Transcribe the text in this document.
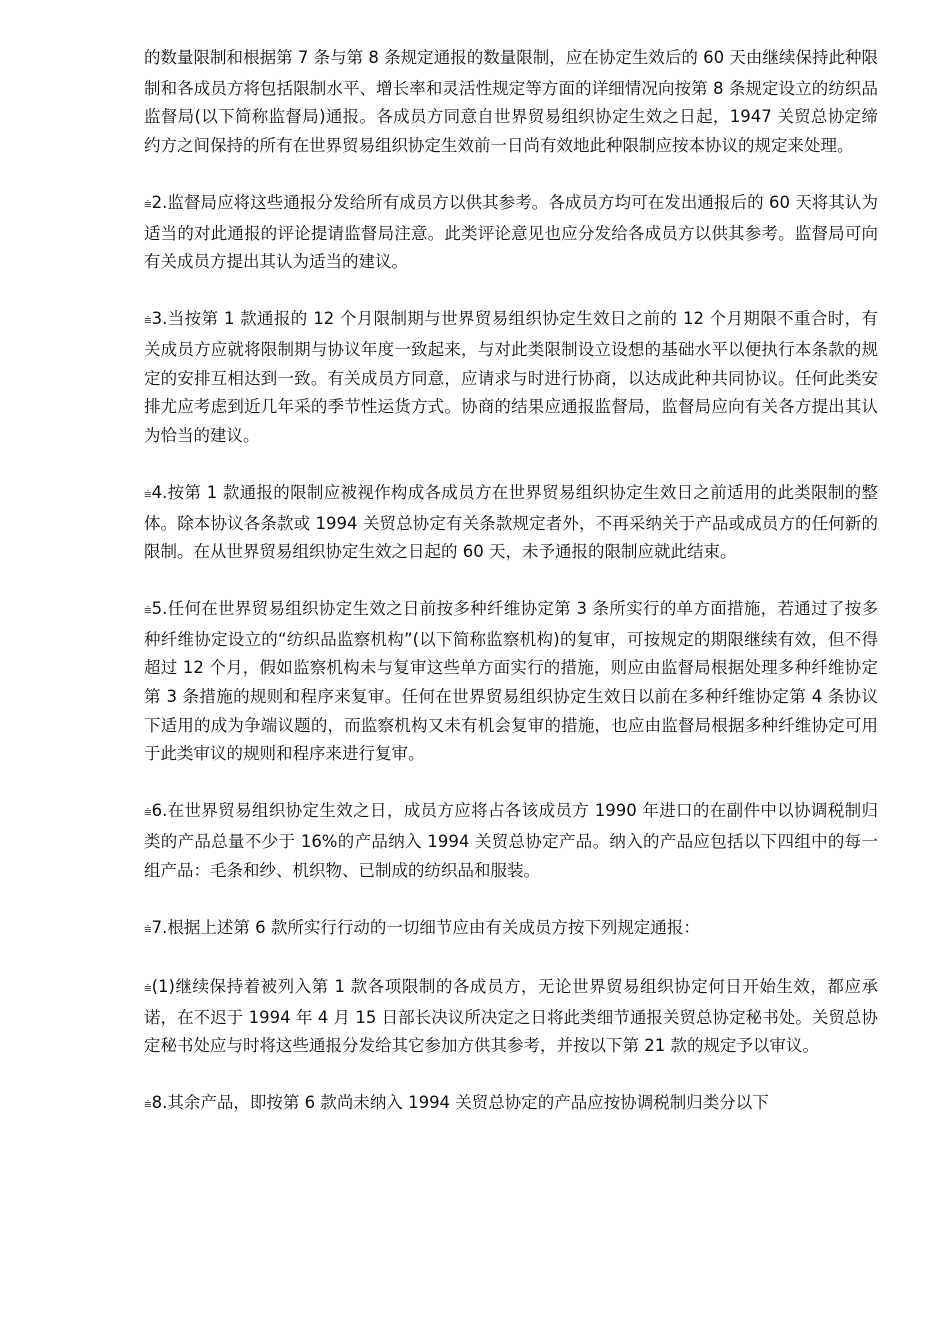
的数量限制和根据第 7 条与第 8 条规定通报的数量限制，应在协定生效后的 60 天由继续保持此种限制和各成员方将包括限制水平、增长率和灵活性规定等方面的详细情况向按第 8 条规定设立的纺织品监督局(以下简称监督局)通报。各成员方同意自世界贸易组织协定生效之日起，1947 关贸总协定缔约方之间保持的所有在世界贸易组织协定生效前一日尚有效地此种限制应按本协议的规定来处理。

⩧2.监督局应将这些通报分发给所有成员方以供其参考。各成员方均可在发出通报后的 60 天将其认为适当的对此通报的评论提请监督局注意。此类评论意见也应分发给各成员方以供其参考。监督局可向有关成员方提出其认为适当的建议。

⩧3.当按第 1 款通报的 12 个月限制期与世界贸易组织协定生效日之前的 12 个月期限不重合时，有关成员方应就将限制期与协议年度一致起来，与对此类限制设立设想的基础水平以便执行本条款的规定的安排互相达到一致。有关成员方同意，应请求与时进行协商，以达成此种共同协议。任何此类安排尤应考虑到近几年采的季节性运货方式。协商的结果应通报监督局，监督局应向有关各方提出其认为恰当的建议。

⩧4.按第 1 款通报的限制应被视作构成各成员方在世界贸易组织协定生效日之前适用的此类限制的整体。除本协议各条款或 1994 关贸总协定有关条款规定者外，不再采纳关于产品或成员方的任何新的限制。在从世界贸易组织协定生效之日起的 60 天，未予通报的限制应就此结束。

⩧5.任何在世界贸易组织协定生效之日前按多种纤维协定第 3 条所实行的单方面措施，若通过了按多种纤维协定设立的“纺织品监察机构”(以下简称监察机构)的复审，可按规定的期限继续有效，但不得超过 12 个月，假如监察机构未与复审这些单方面实行的措施，则应由监督局根据处理多种纤维协定第 3 条措施的规则和程序来复审。任何在世界贸易组织协定生效日以前在多种纤维协定第 4 条协议下适用的成为争端议题的，而监察机构又未有机会复审的措施，也应由监督局根据多种纤维协定可用于此类审议的规则和程序来进行复审。

⩧6.在世界贸易组织协定生效之日，成员方应将占各该成员方 1990 年进口的在副件中以协调税制归类的产品总量不少于 16%的产品纳入 1994 关贸总协定产品。纳入的产品应包括以下四组中的每一组产品：毛条和纱、机织物、已制成的纺织品和服装。

⩧7.根据上述第 6 款所实行行动的一切细节应由有关成员方按下列规定通报：

⩧(1)继续保持着被列入第 1 款各项限制的各成员方，无论世界贸易组织协定何日开始生效，都应承诺，在不迟于 1994 年 4 月 15 日部长决议所决定之日将此类细节通报关贸总协定秘书处。关贸总协定秘书处应与时将这些通报分发给其它参加方供其参考，并按以下第 21 款的规定予以审议。

⩧8.其余产品，即按第 6 款尚未纳入 1994 关贸总协定的产品应按协调税制归类分以下
